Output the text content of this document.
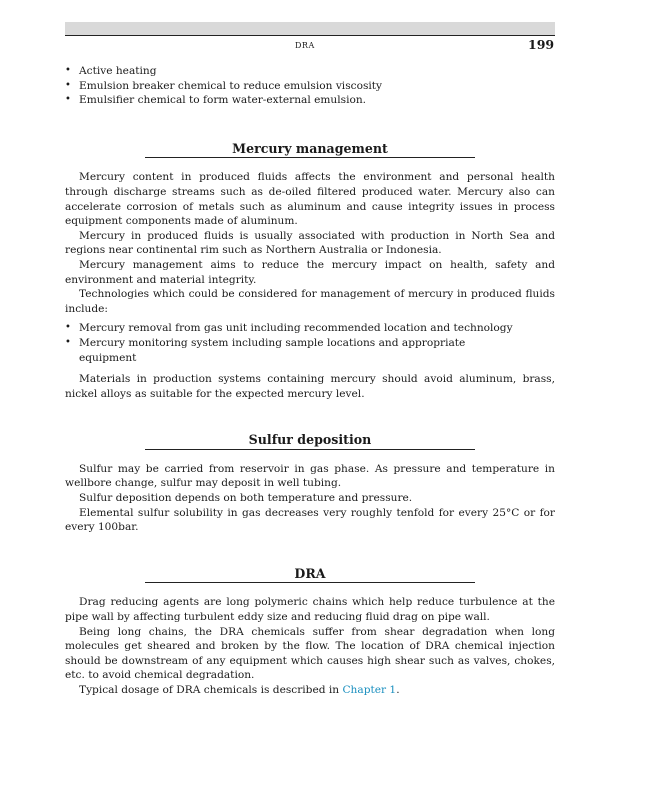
DRA	199
• Active heating
• Emulsion breaker chemical to reduce emulsion viscosity
• Emulsifier chemical to form water-external emulsion.
Mercury management

Mercury content in produced fluids affects the environment and personal health through discharge streams such as de-oiled filtered produced water. Mercury also can accelerate corrosion of metals such as aluminum and cause integrity issues in process equipment components made of aluminum.

Mercury in produced fluids is usually associated with production in North Sea and regions near continental rim such as Northern Australia or Indonesia.

Mercury management aims to reduce the mercury impact on health, safety and environment and material integrity.

Technologies which could be considered for management of mercury in produced fluids include:

• Mercury removal from gas unit including recommended location and technology
• Mercury monitoring system including sample locations and appropriate equipment

Materials in production systems containing mercury should avoid aluminum, brass, nickel alloys as suitable for the expected mercury level.

Sulfur deposition

Sulfur may be carried from reservoir in gas phase. As pressure and temperature in wellbore change, sulfur may deposit in well tubing.

Sulfur deposition depends on both temperature and pressure.

Elemental sulfur solubility in gas decreases very roughly tenfold for every 25°C or for every 100bar.

DRA

Drag reducing agents are long polymeric chains which help reduce turbulence at the pipe wall by affecting turbulent eddy size and reducing fluid drag on pipe wall.

Being long chains, the DRA chemicals suffer from shear degradation when long molecules get sheared and broken by the flow. The location of DRA chemical injection should be downstream of any equipment which causes high shear such as valves, chokes, etc. to avoid chemical degradation.

Typical dosage of DRA chemicals is described in Chapter 1.
